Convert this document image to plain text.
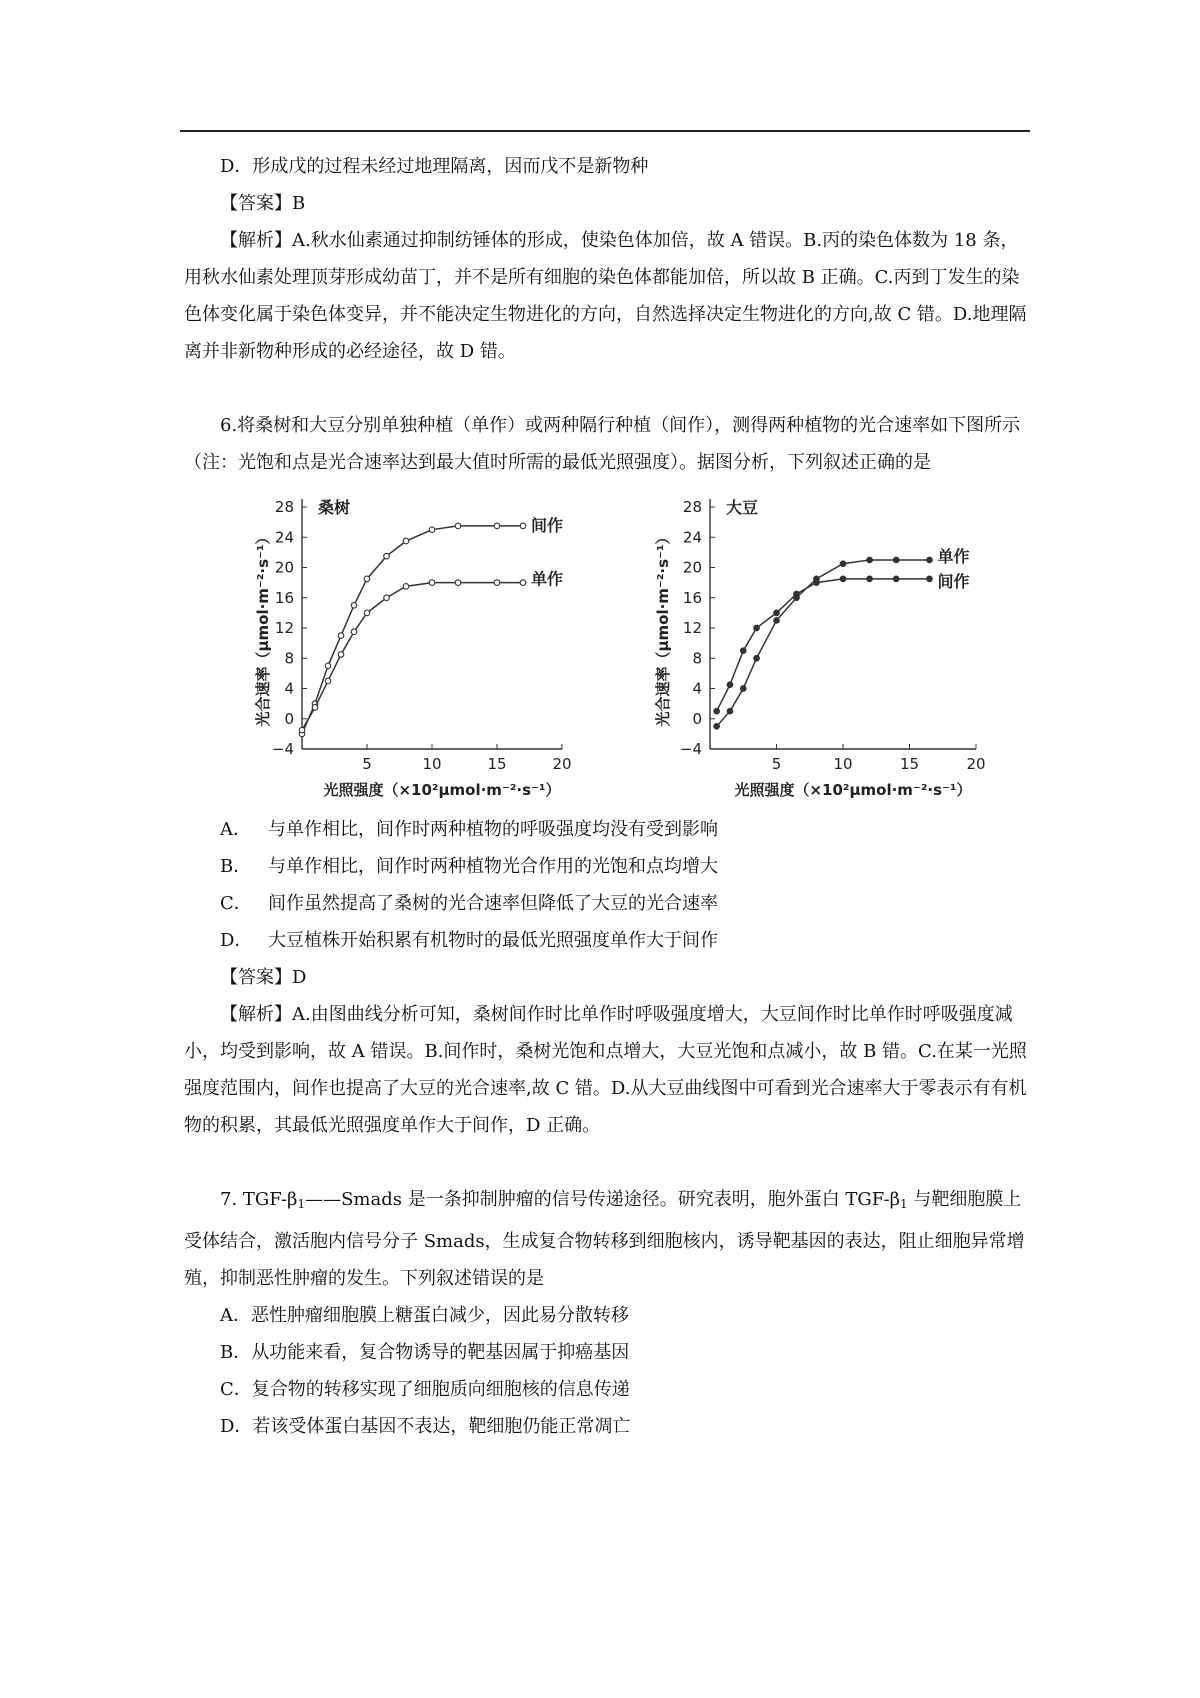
D．形成戊的过程未经过地理隔离，因而戊不是新物种

【答案】B

【解析】A.秋水仙素通过抑制纺锤体的形成，使染色体加倍，故 A 错误。B.丙的染色体数为 18 条，用秋水仙素处理顶芽形成幼苗丁，并不是所有细胞的染色体都能加倍，所以故 B 正确。C.丙到丁发生的染色体变化属于染色体变异，并不能决定生物进化的方向，自然选择决定生物进化的方向,故 C 错。D.地理隔离并非新物种形成的必经途径，故 D 错。

6.将桑树和大豆分别单独种植（单作）或两种隔行种植（间作），测得两种植物的光合速率如下图所示（注：光饱和点是光合速率达到最大值时所需的最低光照强度）。据图分析，下列叙述正确的是

−4
0
4
8
12
16
20
24
28
5	10	15	20
桑树
光照强度（×10²μmol·m⁻²·s⁻¹）
光合速率（μmol·m⁻²·s⁻¹）
间作
单作
−4
0
4
8
12
16
20
24
28
5	10	15	20
大豆
光照强度（×10²μmol·m⁻²·s⁻¹）
光合速率（μmol·m⁻²·s⁻¹）	单作
间作

A． 与单作相比，间作时两种植物的呼吸强度均没有受到影响

B． 与单作相比，间作时两种植物光合作用的光饱和点均增大

C． 间作虽然提高了桑树的光合速率但降低了大豆的光合速率

D． 大豆植株开始积累有机物时的最低光照强度单作大于间作

【答案】D

【解析】A.由图曲线分析可知，桑树间作时比单作时呼吸强度增大，大豆间作时比单作时呼吸强度减小，均受到影响，故 A 错误。B.间作时，桑树光饱和点增大，大豆光饱和点减小，故 B 错。C.在某一光照强度范围内，间作也提高了大豆的光合速率,故 C 错。D.从大豆曲线图中可看到光合速率大于零表示有有机物的积累，其最低光照强度单作大于间作，D 正确。

7. TGF-$\beta_1——Smads$ 是一条抑制肿瘤的信号传递途径。研究表明，胞外蛋白 TGF-$\beta_1$ 与靶细胞膜上受体结合，激活胞内信号分子 Smads，生成复合物转移到细胞核内，诱导靶基因的表达，阻止细胞异常增殖，抑制恶性肿瘤的发生。下列叙述错误的是

A．恶性肿瘤细胞膜上糖蛋白减少，因此易分散转移

B．从功能来看，复合物诱导的靶基因属于抑癌基因

C．复合物的转移实现了细胞质向细胞核的信息传递

D．若该受体蛋白基因不表达，靶细胞仍能正常凋亡
